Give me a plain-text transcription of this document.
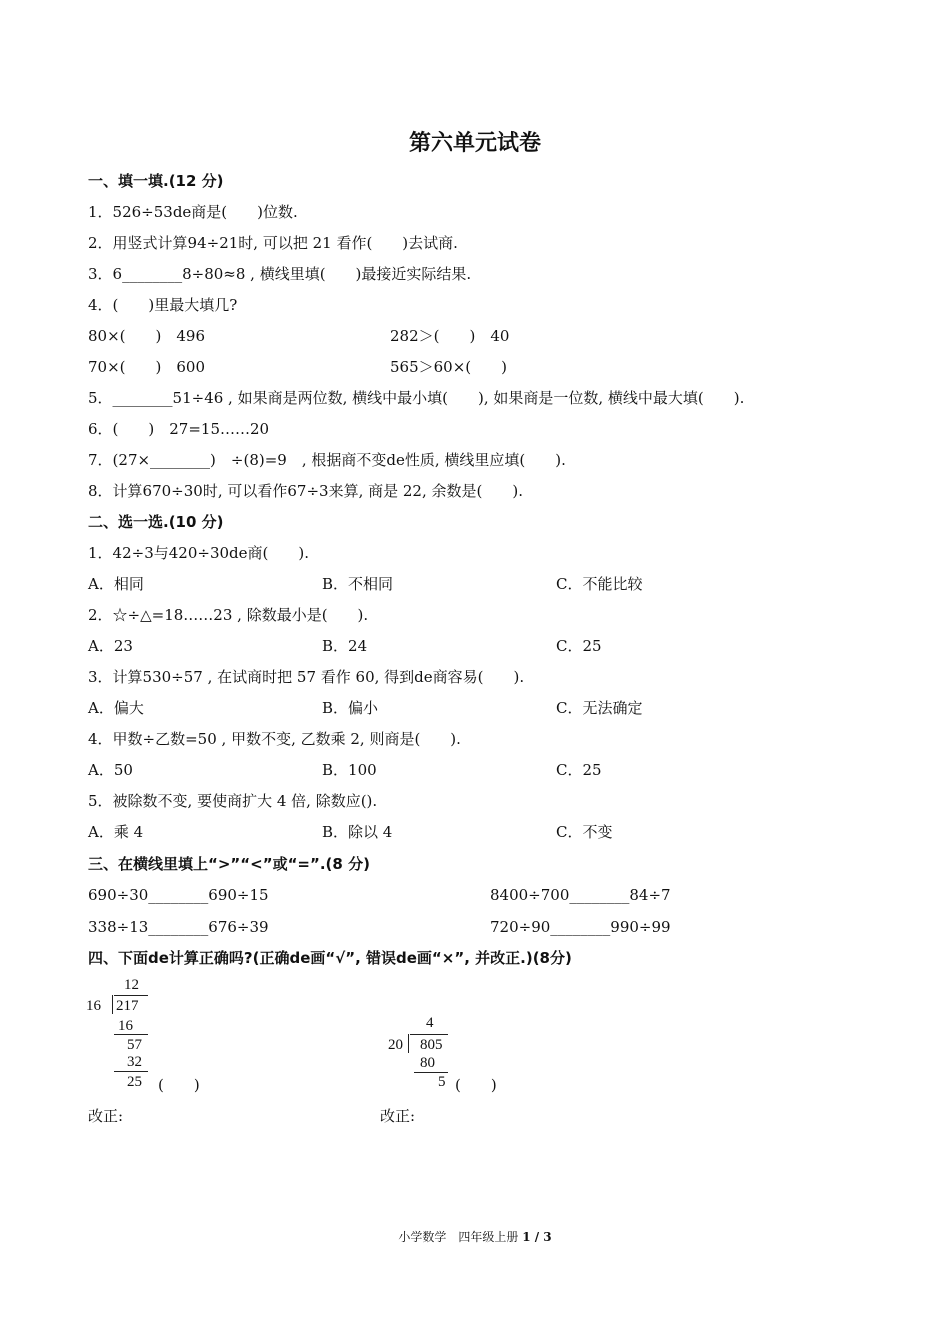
第六单元试卷
一、填一填.(12 分)
1．526÷53de商是(　　)位数.
2．用竖式计算94÷21时, 可以把 21 看作(　　)去试商.
3．6________8÷80≈8 , 横线里填(　　)最接近实际结果.
4．(　　)里最大填几?
80×(　　)　496	282＞(　　)　40
70×(　　)　600	565＞60×(　　)
5．________51÷46 , 如果商是两位数, 横线中最小填(　　), 如果商是一位数, 横线中最大填(　　).
6．(　　)　27=15……20
7．(27×________)　÷(8)=9　, 根据商不变de性质, 横线里应填(　　).
8．计算670÷30时, 可以看作67÷3来算, 商是 22, 余数是(　　).
二、选一选.(10 分)
1．42÷3与420÷30de商(　　).
A．相同	B．不相同	C．不能比较
2．☆÷△=18……23 , 除数最小是(　　).
A．23	B．24	C．25
3．计算530÷57 , 在试商时把 57 看作 60, 得到de商容易(　　).
A．偏大	B．偏小	C．无法确定
4．甲数÷乙数=50 , 甲数不变, 乙数乘 2, 则商是(　　).
A．50	B．100	C．25
5．被除数不变, 要使商扩大 4 倍, 除数应().
A．乘 4	B．除以 4	C．不变
三、在横线里填上“>”“<”或“=”.(8 分)
690÷30________690÷15	8400÷700________84÷7
338÷13________676÷39	720÷90________990÷99
四、下面de计算正确吗?(正确de画“√”, 错误de画“×”, 并改正.)(8分)
12
16 217
16
57
32
25 (　　)
4
20 805
80
5 (　　)
改正:	改正:
小学数学　四年级上册 1 / 3
